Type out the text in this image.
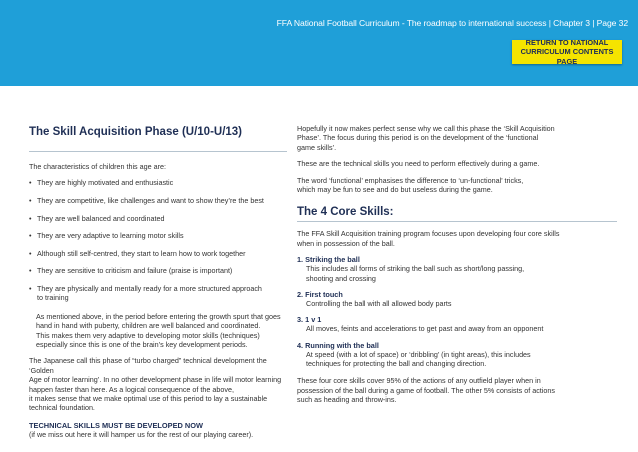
FFA National Football Curriculum - The roadmap to international success | Chapter 3 | Page 32
RETURN TO NATIONAL
CURRICULUM CONTENTS PAGE
The Skill Acquisition Phase (U/10-U/13)
The characteristics of children this age are:
• They are highly motivated and enthusiastic
• They are competitive, like challenges and want to show they’re the best
• They are well balanced and coordinated
• They are very adaptive to learning motor skills
• Although still self-centred, they start to learn how to work together
• They are sensitive to criticism and failure (praise is important)
• They are physically and mentally ready for a more structured approach
to training
As mentioned above, in the period before entering the growth spurt that goes
hand in hand with puberty, children are well balanced and coordinated.
This makes them very adaptive to developing motor skills (techniques)
especially since this is one of the brain’s key development periods.
The Japanese call this phase of “turbo charged” technical development the ‘Golden
Age of motor learning’. In no other development phase in life will motor learning
happen faster than here. As a logical consequence of the above,
it makes sense that we make optimal use of this period to lay a sustainable
technical foundation.
TECHNICAL SKILLS MUST BE DEVELOPED NOW
(if we miss out here it will hamper us for the rest of our playing career).
Hopefully it now makes perfect sense why we call this phase the ‘Skill Acquisition
Phase’. The focus during this period is on the development of the ‘functional
game skills’.
These are the technical skills you need to perform effectively during a game.
The word ‘functional’ emphasises the difference to ‘un-functional’ tricks,
which may be fun to see and do but useless during the game.
The 4 Core Skills:
The FFA Skill Acquisition training program focuses upon developing four core skills
when in possession of the ball.
1. Striking the ball
This includes all forms of striking the ball such as short/long passing,
shooting and crossing
2. First touch
Controlling the ball with all allowed body parts
3. 1 v 1
All moves, feints and accelerations to get past and away from an opponent
4. Running with the ball
At speed (with a lot of space) or ‘dribbling’ (in tight areas), this includes
techniques for protecting the ball and changing direction.
These four core skills cover 95% of the actions of any outfield player when in
possession of the ball during a game of football. The other 5% consists of actions
such as heading and throw-ins.
